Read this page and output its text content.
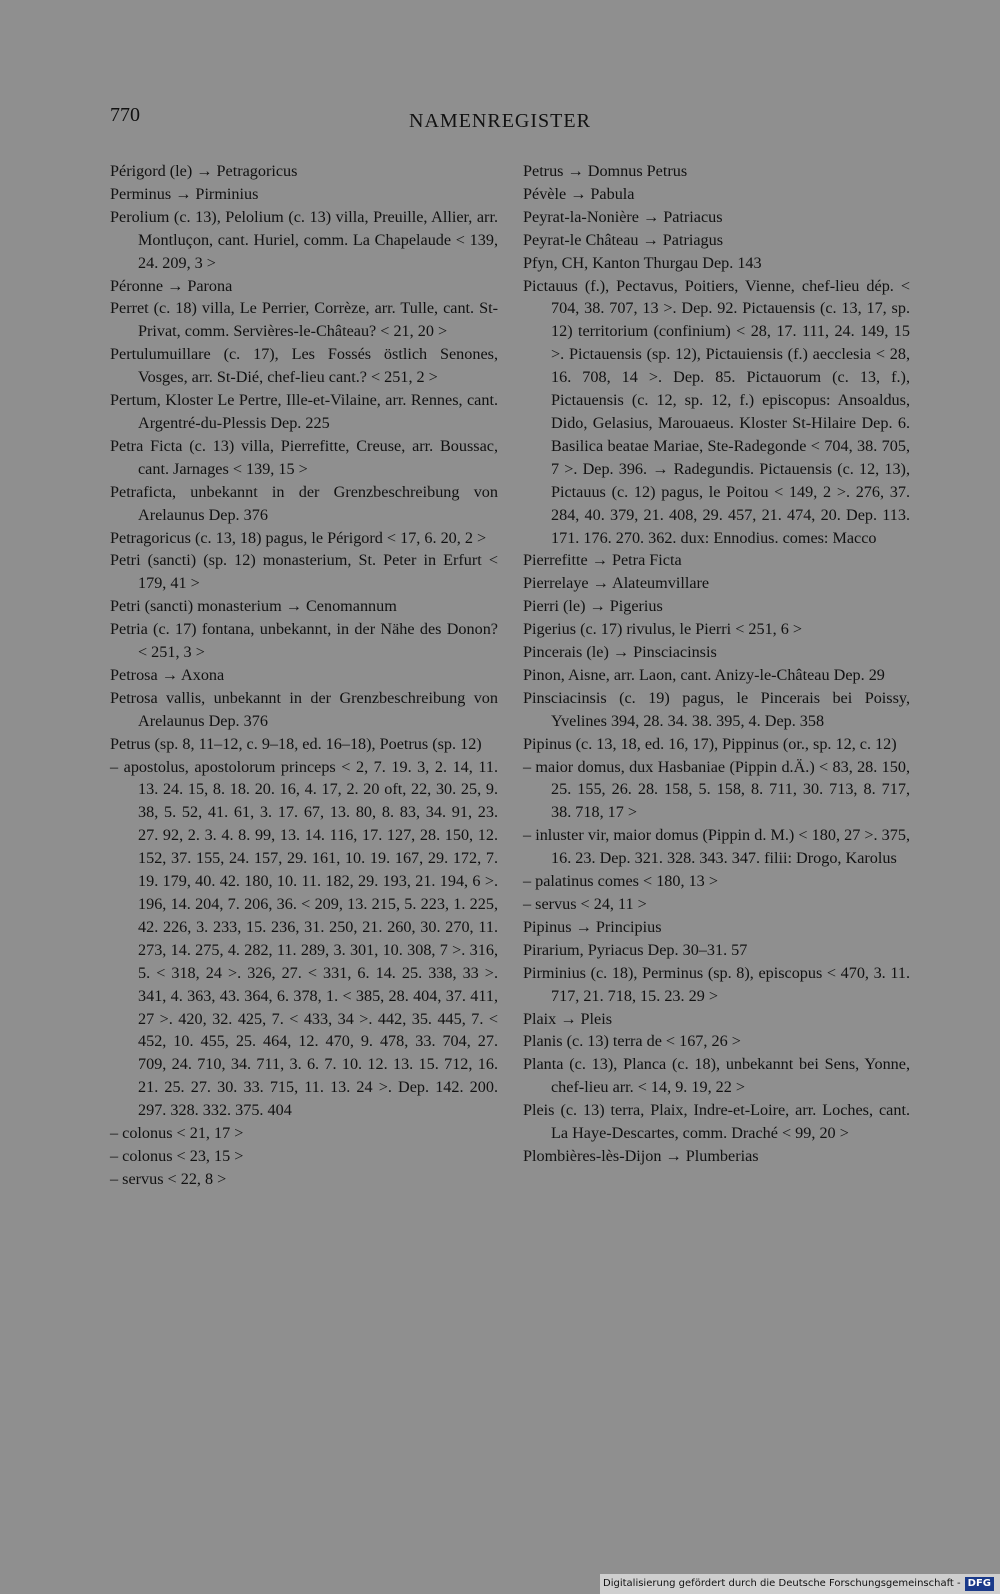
770	NAMENREGISTER

Périgord (le) → Petragoricus

Perminus → Pirminius

Perolium (c. 13), Pelolium (c. 13) villa, Preuille, Allier, arr. Montluçon, cant. Huriel, comm. La Chapelaude < 139, 24. 209, 3 >

Péronne → Parona

Perret (c. 18) villa, Le Perrier, Corrèze, arr. Tulle, cant. St-Privat, comm. Servières-le-Château? < 21, 20 >

Pertulumuillare (c. 17), Les Fossés östlich Senones, Vosges, arr. St-Dié, chef-lieu cant.? < 251, 2 >

Pertum, Kloster Le Pertre, Ille-et-Vilaine, arr. Rennes, cant. Argentré-du-Plessis Dep. 225

Petra Ficta (c. 13) villa, Pierrefitte, Creuse, arr. Boussac, cant. Jarnages < 139, 15 >

Petraficta, unbekannt in der Grenzbeschreibung von Arelaunus Dep. 376

Petragoricus (c. 13, 18) pagus, le Périgord < 17, 6. 20, 2 >

Petri (sancti) (sp. 12) monasterium, St. Peter in Erfurt < 179, 41 >

Petri (sancti) monasterium → Cenomannum

Petria (c. 17) fontana, unbekannt, in der Nähe des Donon? < 251, 3 >

Petrosa → Axona

Petrosa vallis, unbekannt in der Grenzbeschreibung von Arelaunus Dep. 376

Petrus (sp. 8, 11–12, c. 9–18, ed. 16–18), Poetrus (sp. 12)

– apostolus, apostolorum princeps < 2, 7. 19. 3, 2. 14, 11. 13. 24. 15, 8. 18. 20. 16, 4. 17, 2. 20 oft, 22, 30. 25, 9. 38, 5. 52, 41. 61, 3. 17. 67, 13. 80, 8. 83, 34. 91, 23. 27. 92, 2. 3. 4. 8. 99, 13. 14. 116, 17. 127, 28. 150, 12. 152, 37. 155, 24. 157, 29. 161, 10. 19. 167, 29. 172, 7. 19. 179, 40. 42. 180, 10. 11. 182, 29. 193, 21. 194, 6 >. 196, 14. 204, 7. 206, 36. < 209, 13. 215, 5. 223, 1. 225, 42. 226, 3. 233, 15. 236, 31. 250, 21. 260, 30. 270, 11. 273, 14. 275, 4. 282, 11. 289, 3. 301, 10. 308, 7 >. 316, 5. < 318, 24 >. 326, 27. < 331, 6. 14. 25. 338, 33 >. 341, 4. 363, 43. 364, 6. 378, 1. < 385, 28. 404, 37. 411, 27 >. 420, 32. 425, 7. < 433, 34 >. 442, 35. 445, 7. < 452, 10. 455, 25. 464, 12. 470, 9. 478, 33. 704, 27. 709, 24. 710, 34. 711, 3. 6. 7. 10. 12. 13. 15. 712, 16. 21. 25. 27. 30. 33. 715, 11. 13. 24 >. Dep. 142. 200. 297. 328. 332. 375. 404

– colonus < 21, 17 >

– colonus < 23, 15 >

– servus < 22, 8 >

Petrus → Domnus Petrus

Pévèle → Pabula

Peyrat-la-Nonière → Patriacus

Peyrat-le Château → Patriagus

Pfyn, CH, Kanton Thurgau Dep. 143

Pictauus (f.), Pectavus, Poitiers, Vienne, chef-lieu dép. < 704, 38. 707, 13 >. Dep. 92. Pictauensis (c. 13, 17, sp. 12) territorium (confinium) < 28, 17. 111, 24. 149, 15 >. Pictauensis (sp. 12), Pictauiensis (f.) aecclesia < 28, 16. 708, 14 >. Dep. 85. Pictauorum (c. 13, f.), Pictauensis (c. 12, sp. 12, f.) episcopus: Ansoaldus, Dido, Gelasius, Marouaeus. Kloster St-Hilaire Dep. 6. Basilica beatae Mariae, Ste-Radegonde < 704, 38. 705, 7 >. Dep. 396. → Radegundis. Pictauensis (c. 12, 13), Pictauus (c. 12) pagus, le Poitou < 149, 2 >. 276, 37. 284, 40. 379, 21. 408, 29. 457, 21. 474, 20. Dep. 113. 171. 176. 270. 362. dux: Ennodius. comes: Macco

Pierrefitte → Petra Ficta

Pierrelaye → Alateumvillare

Pierri (le) → Pigerius

Pigerius (c. 17) rivulus, le Pierri < 251, 6 >

Pincerais (le) → Pinsciacinsis

Pinon, Aisne, arr. Laon, cant. Anizy-le-Château Dep. 29

Pinsciacinsis (c. 19) pagus, le Pincerais bei Poissy, Yvelines 394, 28. 34. 38. 395, 4. Dep. 358

Pipinus (c. 13, 18, ed. 16, 17), Pippinus (or., sp. 12, c. 12)

– maior domus, dux Hasbaniae (Pippin d.Ä.) < 83, 28. 150, 25. 155, 26. 28. 158, 5. 158, 8. 711, 30. 713, 8. 717, 38. 718, 17 >

– inluster vir, maior domus (Pippin d. M.) < 180, 27 >. 375, 16. 23. Dep. 321. 328. 343. 347. filii: Drogo, Karolus

– palatinus comes < 180, 13 >

– servus < 24, 11 >

Pipinus → Principius

Pirarium, Pyriacus Dep. 30–31. 57

Pirminius (c. 18), Perminus (sp. 8), episcopus < 470, 3. 11. 717, 21. 718, 15. 23. 29 >

Plaix → Pleis

Planis (c. 13) terra de < 167, 26 >

Planta (c. 13), Planca (c. 18), unbekannt bei Sens, Yonne, chef-lieu arr. < 14, 9. 19, 22 >

Pleis (c. 13) terra, Plaix, Indre-et-Loire, arr. Loches, cant. La Haye-Descartes, comm. Draché < 99, 20 >

Plombières-lès-Dijon → Plumberias

Digitalisierung gefördert durch die Deutsche Forschungsgemeinschaft - DFG
